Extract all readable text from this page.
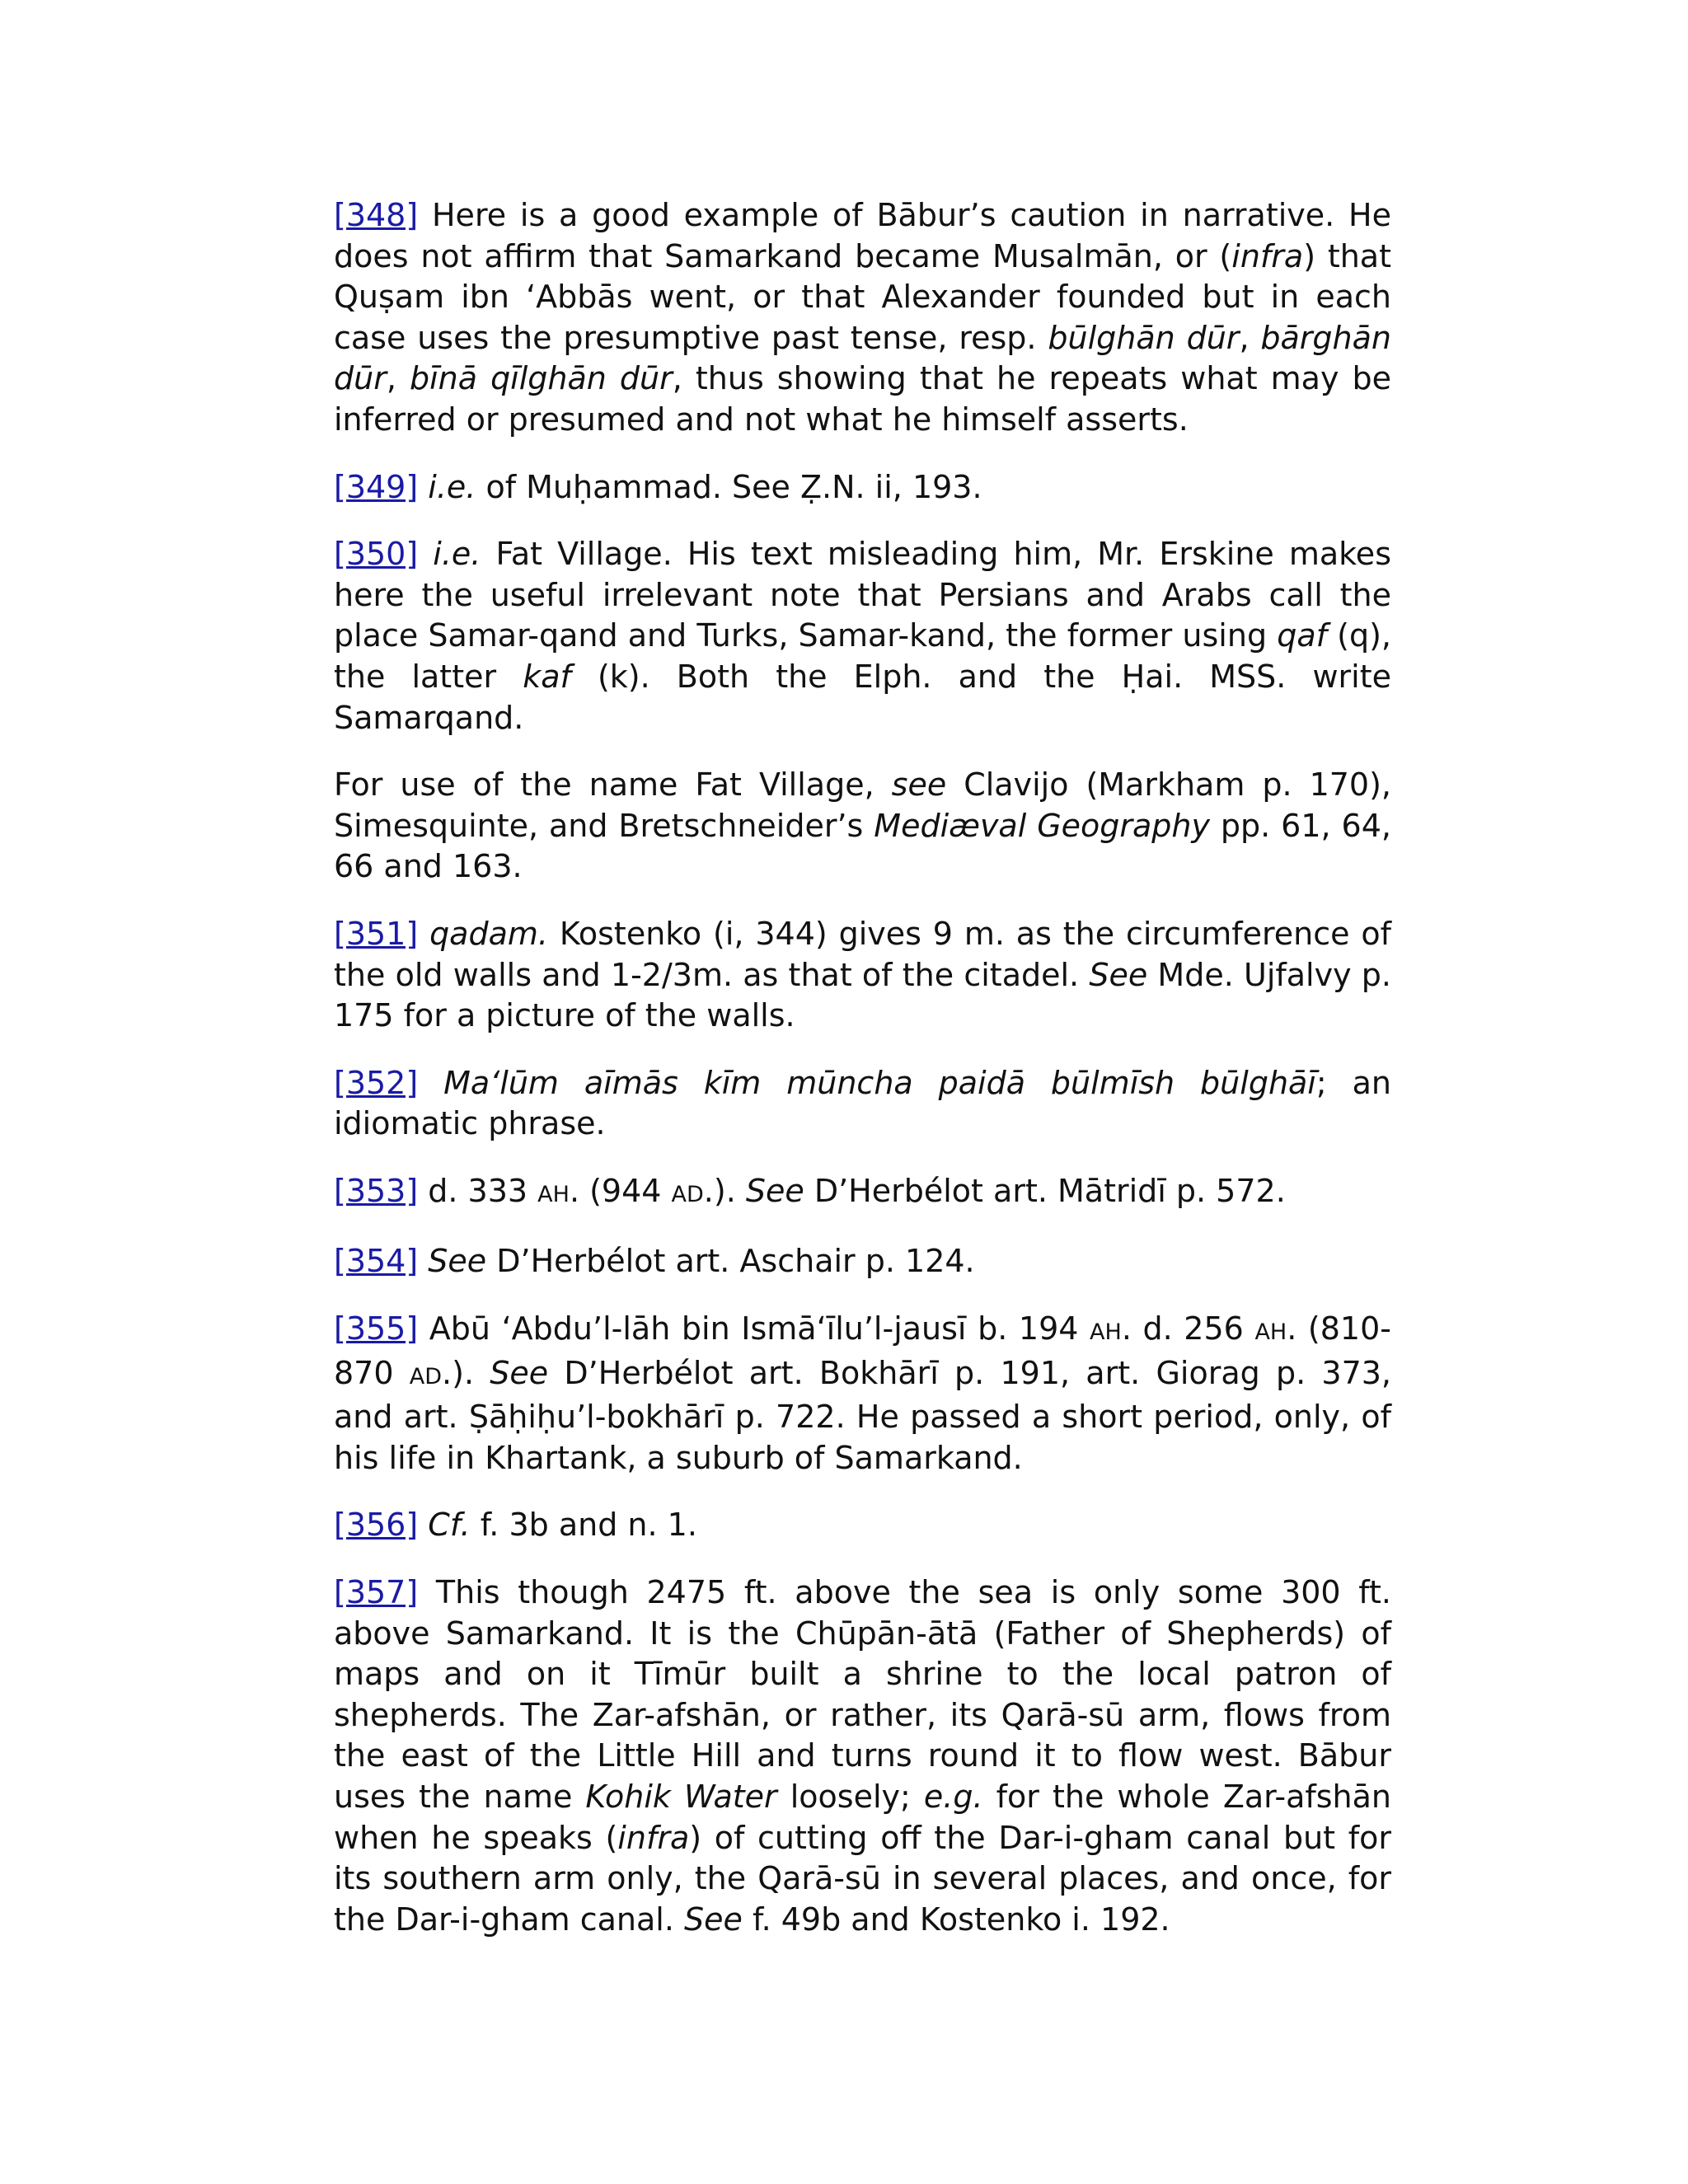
[348] Here is a good example of Bābur’s caution in narrative. He does not affirm that Samarkand became Musalmān, or (infra) that Quṣam ibn ‘Abbās went, or that Alexander founded but in each case uses the presumptive past tense, resp. būlghān dūr, bārghān dūr, bīnā qīlghān dūr, thus showing that he repeats what may be inferred or presumed and not what he himself asserts.

[349] i.e. of Muḥammad. See Ẓ.N. ii, 193.

[350] i.e. Fat Village. His text misleading him, Mr. Erskine makes here the useful irrelevant note that Persians and Arabs call the place Samar-qand and Turks, Samar-kand, the former using qaf (q), the latter kaf (k). Both the Elph. and the Ḥai. MSS. write Samarqand.

For use of the name Fat Village, see Clavijo (Markham p. 170), Simesquinte, and Bretschneider’s Mediæval Geography pp. 61, 64, 66 and 163.

[351] qadam. Kostenko (i, 344) gives 9 m. as the circumference of the old walls and 1-2/3m. as that of the citadel. See Mde. Ujfalvy p. 175 for a picture of the walls.

[352] Ma‘lūm aīmās kīm mūncha paidā būlmīsh būlghāī; an idiomatic phrase.

[353] d. 333 AH. (944 AD.). See D’Herbélot art. Mātridī p. 572.

[354] See D’Herbélot art. Aschair p. 124.

[355] Abū ‘Abdu’l-lāh bin Ismā‘īlu’l-jausī b. 194 AH. d. 256 AH. (810-870 AD.). See D’Herbélot art. Bokhārī p. 191, art. Giorag p. 373, and art. Ṣāḥiḥu’l-bokhārī p. 722. He passed a short period, only, of his life in Khartank, a suburb of Samarkand.

[356] Cf. f. 3b and n. 1.

[357] This though 2475 ft. above the sea is only some 300 ft. above Samarkand. It is the Chūpān-ātā (Father of Shepherds) of maps and on it Tīmūr built a shrine to the local patron of shepherds. The Zar-afshān, or rather, its Qarā-sū arm, flows from the east of the Little Hill and turns round it to flow west. Bābur uses the name Kohik Water loosely; e.g. for the whole Zar-afshān when he speaks (infra) of cutting off the Dar-i-gham canal but for its southern arm only, the Qarā-sū in several places, and once, for the Dar-i-gham canal. See f. 49b and Kostenko i. 192.
